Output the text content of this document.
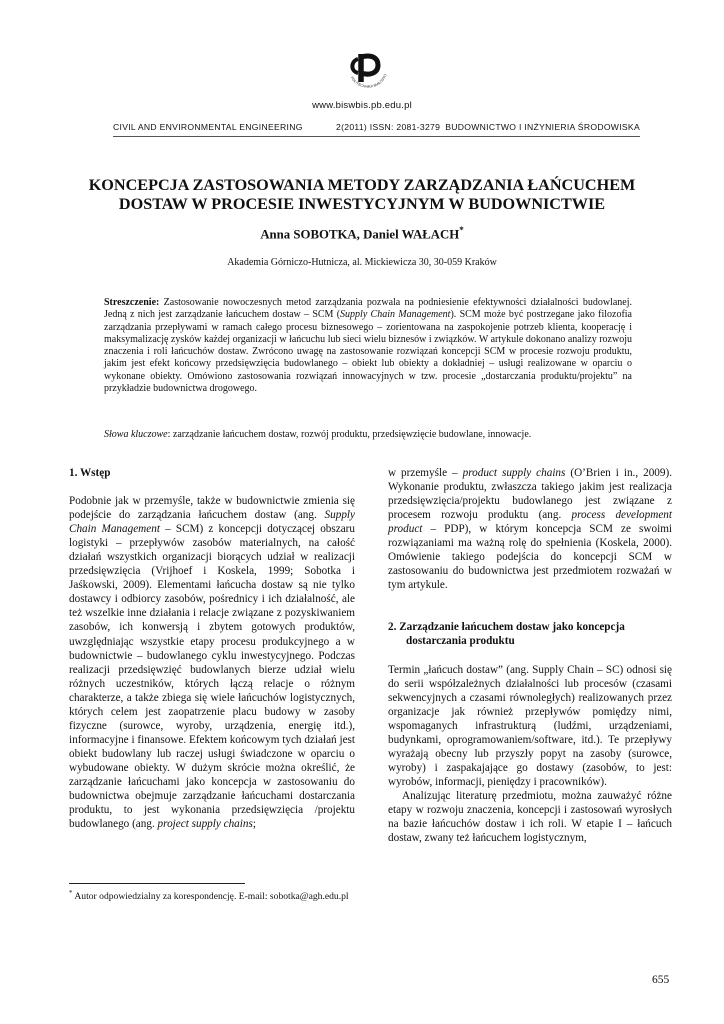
POLITECHNIKA BIAŁOSTO
www.biswbis.pb.edu.pl
CIVIL AND ENVIRONMENTAL ENGINEERING	2(2011) ISSN: 2081-3279 BUDOWNICTWO I INŻYNIERIA ŚRODOWISKA
KONCEPCJA ZASTOSOWANIA METODY ZARZĄDZANIA ŁAŃCUCHEM
DOSTAW W PROCESIE INWESTYCYJNYM W BUDOWNICTWIE
Anna SOBOTKA, Daniel WAŁACH*
Akademia Górniczo-Hutnicza, al. Mickiewicza 30, 30-059 Kraków
Streszczenie: Zastosowanie nowoczesnych metod zarządzania pozwala na podniesienie efektywności działalności budowlanej. Jedną z nich jest zarządzanie łańcuchem dostaw – SCM (Supply Chain Management). SCM może być postrzegane jako filozofia zarządzania przepływami w ramach całego procesu biznesowego – zorientowana na zaspokojenie potrzeb klienta, kooperację i maksymalizację zysków każdej organizacji w łańcuchu lub sieci wielu biznesów i związków. W artykule dokonano analizy rozwoju znaczenia i roli łańcuchów dostaw. Zwrócono uwagę na zastosowanie rozwiązań koncepcji SCM w procesie rozwoju produktu, jakim jest efekt końcowy przedsięwzięcia budowlanego – obiekt lub obiekty a dokładniej – usługi realizowane w oparciu o wykonane obiekty. Omówiono zastosowania rozwiązań innowacyjnych w tzw. procesie „dostarczania produktu/projektu” na przykładzie budownictwa drogowego.
Słowa kluczowe: zarządzanie łańcuchem dostaw, rozwój produktu, przedsięwzięcie budowlane, innowacje.

1. Wstęp

Podobnie jak w przemyśle, także w budownictwie zmienia się podejście do zarządzania łańcuchem dostaw (ang. Supply Chain Management – SCM) z koncepcji dotyczącej obszaru logistyki – przepływów zasobów materialnych, na całość działań wszystkich organizacji biorących udział w realizacji przedsięwzięcia (Vrijhoef i Koskela, 1999; Sobotka i Jaśkowski, 2009). Elementami łańcucha dostaw są nie tylko dostawcy i odbiorcy zasobów, pośrednicy i ich działalność, ale też wszelkie inne działania i relacje związane z pozyskiwaniem zasobów, ich konwersją i zbytem gotowych produktów, uwzględniając wszystkie etapy procesu produkcyjnego a w budownictwie – budowlanego cyklu inwestycyjnego. Podczas realizacji przedsięwzięć budowlanych bierze udział wielu różnych uczestników, których łączą relacje o różnym charakterze, a także zbiega się wiele łańcuchów logistycznych, których celem jest zaopatrzenie placu budowy w zasoby fizyczne (surowce, wyroby, urządzenia, energię itd.), informacyjne i finansowe. Efektem końcowym tych działań jest obiekt budowlany lub raczej usługi świadczone w oparciu o wybudowane obiekty. W dużym skrócie można określić, że zarządzanie łańcuchami jako koncepcja w zastosowaniu do budownictwa obejmuje zarządzanie łańcuchami dostarczania produktu, to jest wykonania przedsięwzięcia /projektu budowlanego (ang. project supply chains;

w przemyśle – product supply chains (O’Brien i in., 2009). Wykonanie produktu, zwłaszcza takiego jakim jest realizacja przedsięwzięcia/projektu budowlanego jest związane z procesem rozwoju produktu (ang. process development product – PDP), w którym koncepcja SCM ze swoimi rozwiązaniami ma ważną rolę do spełnienia (Koskela, 2000). Omówienie takiego podejścia do koncepcji SCM w zastosowaniu do budownictwa jest przedmiotem rozważań w tym artykule.

2. Zarządzanie łańcuchem dostaw jako koncepcja dostarczania produktu

Termin „łańcuch dostaw” (ang. Supply Chain – SC) odnosi się do serii współzależnych działalności lub procesów (czasami sekwencyjnych a czasami równoległych) realizowanych przez organizacje jak również przepływów pomiędzy nimi, wspomaganych infrastrukturą (ludźmi, urządzeniami, budynkami, oprogramowaniem/software, itd.). Te przepływy wyrażają obecny lub przyszły popyt na zasoby (surowce, wyroby) i zaspakajające go dostawy (zasobów, to jest: wyrobów, informacji, pieniędzy i pracowników).

Analizując literaturę przedmiotu, można zauważyć różne etapy w rozwoju znaczenia, koncepcji i zastosowań wyrosłych na bazie łańcuchów dostaw i ich roli. W etapie I – łańcuch dostaw, zwany też łańcuchem logistycznym,

* Autor odpowiedzialny za korespondencję. E-mail: sobotka@agh.edu.pl
655
